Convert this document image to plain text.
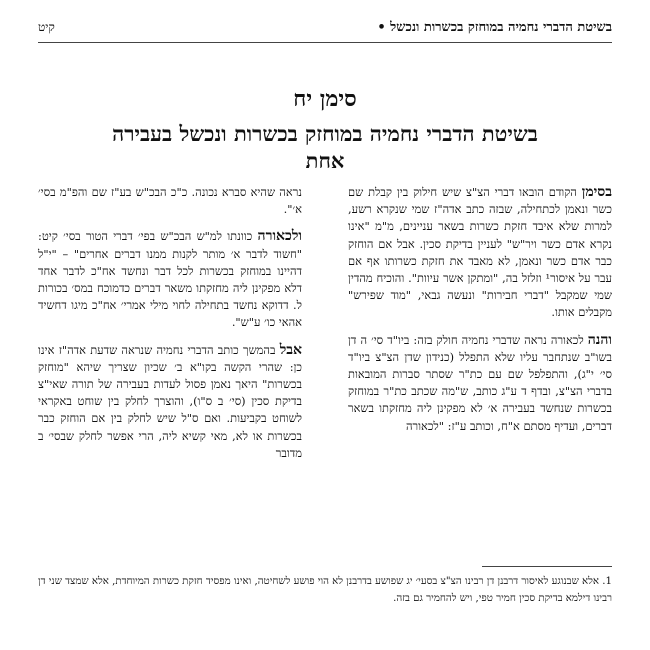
בשיטת הדברי נחמיה במוחזק בכשרות ונכשל •
קיט
סימן יח
בשיטת הדברי נחמיה במוחזק בכשרות ונכשל בעבירה אחת

בסימן הקודם הובאו דברי הצ"צ שיש חילוק בין קבלת שם כשר ונאמן לכתחילה, שבזה כתב אדה"ז שמי שנקרא רשע, למרות שלא איבד חזקת כשרות בשאר עניינים, מ"מ "אינו נקרא אדם כשר ויר"ש" לעניין בדיקת סכין. אבל אם הוחזק כבר אדם כשר ונאמן, לא מאבד את חזקת כשרותו אף אם עבר על איסור¹ וזלזל בה, "ומתקן אשר עיוות". והוכיח מהדין שמי שמקבל "דברי חבירות" ונעשה גבאי, "מוד שפירש" מקבלים אותו.

והנה לכאורה נראה שדברי נחמיה חולק בזה: ביו"ד סי׳ ה דן בשו"ב שנתחבר עליו שלא התפלל (כנידון שדן הצ"צ ביו"ד סי׳ י"ג), והתפלפל שם עם כת"ר שסתר סברות המובאות בדברי הצ"צ, ובדף ד ע"ג כותב, ש"מה שכתב כת"ר במוחזק בכשרות שנחשד בעבירה א׳ לא מפקינן ליה מחזקתו בשאר דברים, ועדיף מסתם א"ח, וכותב ע"ז: "לכאורה

נראה שהיא סברא נכונה. כ"כ הבכ"ש בע"ז שם והפ"מ בסי׳ א׳".

ולכאורה כוונתו למ"ש הבכ"ש בפי׳ דברי הטור בסי׳ קיט: "חשוד לדבר א׳ מותר לקנות ממנו דברים אחרים" – "י"ל דהיינו במוחזק בכשרות לכל דבר ונחשד אח"כ לדבר אחד דלא מפקינן ליה מחזקתו משאר דברים כדמוכח במס׳ בכורות ל. דדוקא נחשד בתחילה לחוי מילי אמרי׳ אח"כ מיגו דחשיד אהאי כו׳ ע"ש".

אבל בהמשך כותב הדברי נחמיה שנראה שדעת אדה"ז אינו כן: שהרי הקשה בקו"א ב׳ שכיון שצריך שיהא "מוחזק בכשרות" היאך נאמן פסול לעדות בעבירה של תורה שאי"צ בדיקת סכין (סי׳ ב ס"ו), והוצרך לחלק בין שוחט באקראי לשוחט בקביעות. ואם ס"ל שיש לחלק בין אם הוחזק כבר בכשרות או לא, מאי קשיא ליה, הרי אפשר לחלק שבסי׳ ב מדובר

1. אלא שבנוגע לאיסור דרבנן דן רבינו הצ"צ בסעי׳ יג שפושע בדרבנן לא הוי פושע לשחיטה, ואינו מפסיד חזקת כשרות המיוחדת, אלא שמצד שני דן רבינו דילמא בדיקת סכין חמיר טפי, ויש להחמיר גם בזה.
